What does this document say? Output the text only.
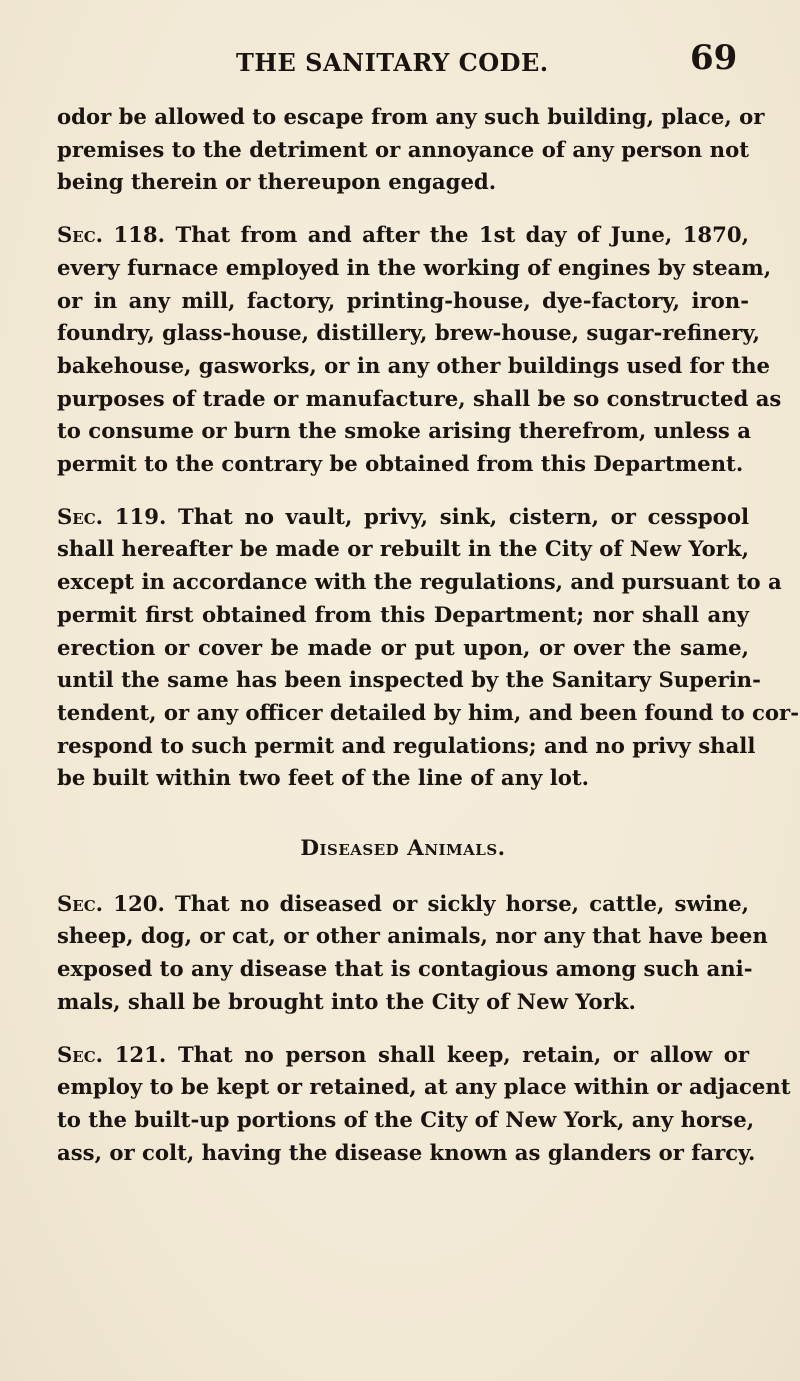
THE SANITARY CODE.	69
odor be allowed to escape from any such building, place, or
premises to the detriment or annoyance of any person not
being therein or thereupon engaged.
Sec. 118. That from and after the 1st day of June, 1870,
every furnace employed in the working of engines by steam,
or in any mill, factory, printing-house, dye-factory, iron-
foundry, glass-house, distillery, brew-house, sugar-refinery,
bakehouse, gasworks, or in any other buildings used for the
purposes of trade or manufacture, shall be so constructed as
to consume or burn the smoke arising therefrom, unless a
permit to the contrary be obtained from this Department.
Sec. 119. That no vault, privy, sink, cistern, or cesspool
shall hereafter be made or rebuilt in the City of New York,
except in accordance with the regulations, and pursuant to a
permit first obtained from this Department; nor shall any
erection or cover be made or put upon, or over the same,
until the same has been inspected by the Sanitary Superin-
tendent, or any officer detailed by him, and been found to cor-
respond to such permit and regulations; and no privy shall
be built within two feet of the line of any lot.
Diseased Animals.
Sec. 120. That no diseased or sickly horse, cattle, swine,
sheep, dog, or cat, or other animals, nor any that have been
exposed to any disease that is contagious among such ani-
mals, shall be brought into the City of New York.
Sec. 121. That no person shall keep, retain, or allow or
employ to be kept or retained, at any place within or adjacent
to the built-up portions of the City of New York, any horse,
ass, or colt, having the disease known as glanders or farcy.
